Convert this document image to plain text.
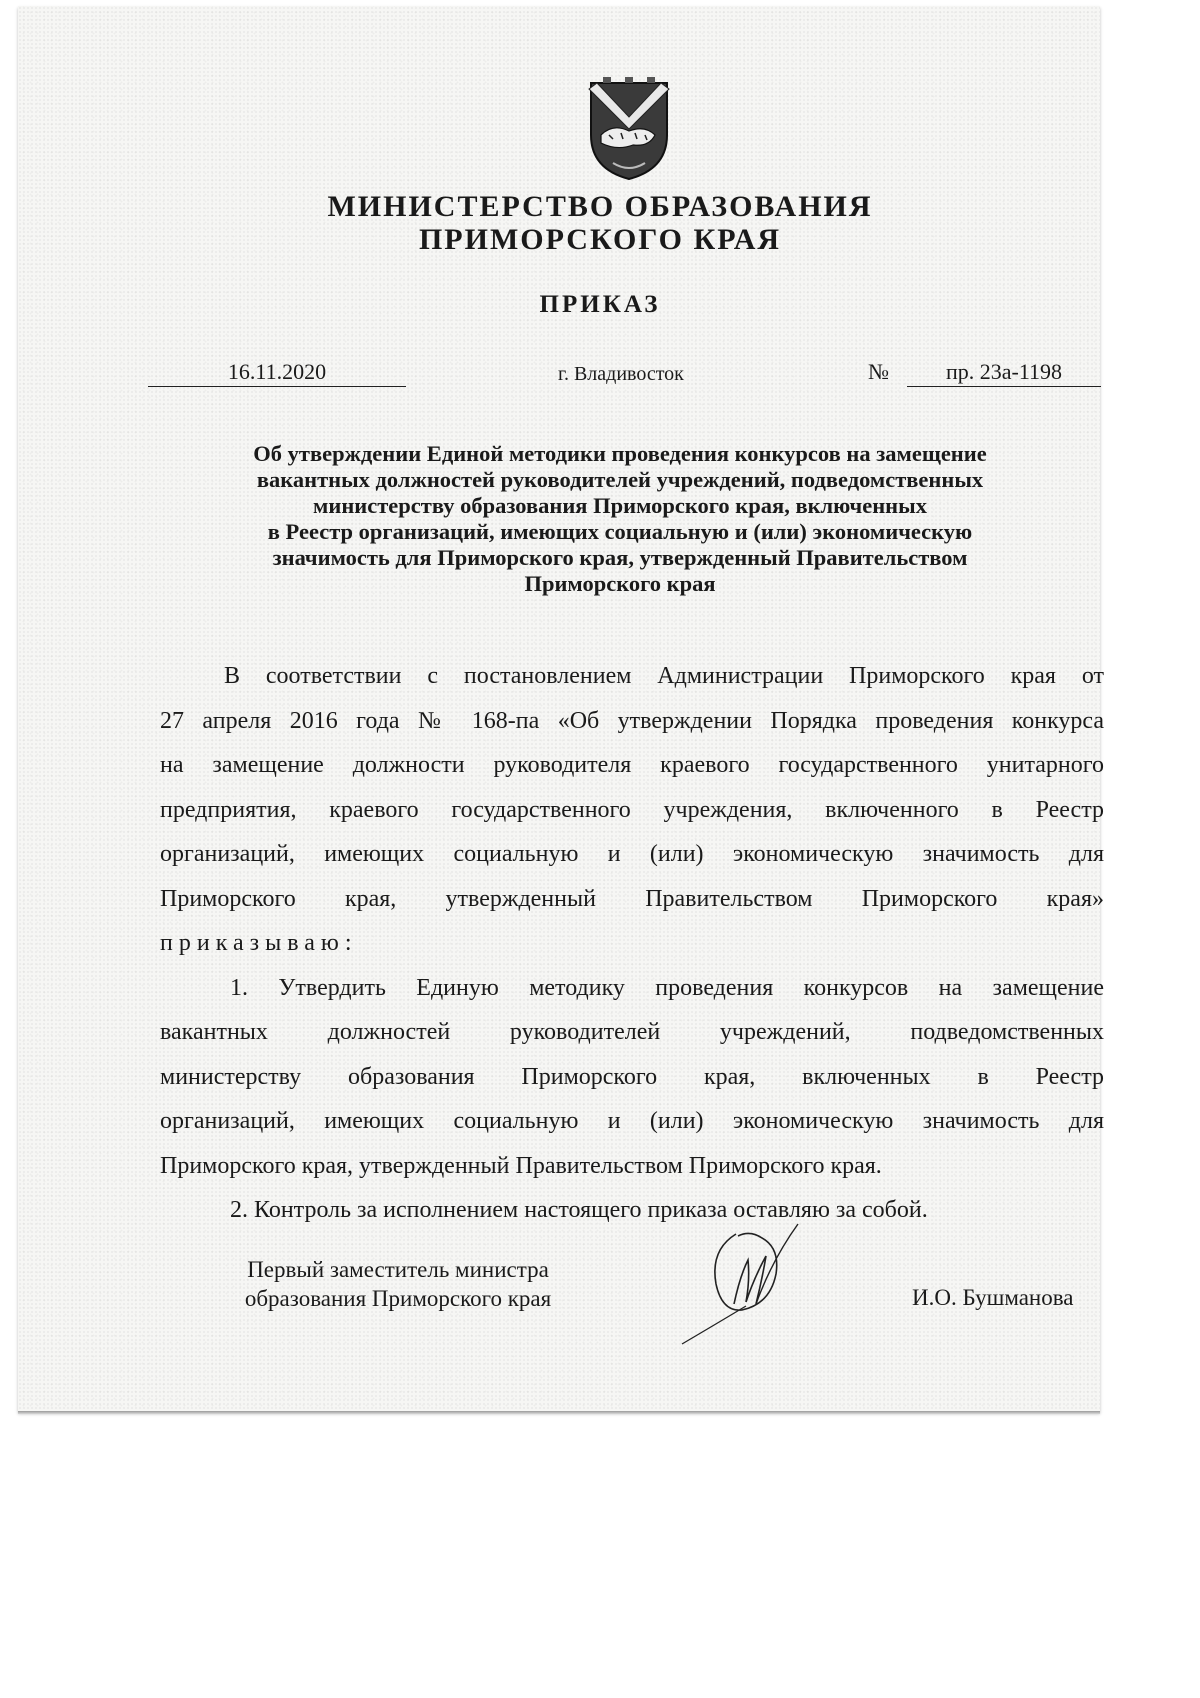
МИНИСТЕРСТВО ОБРАЗОВАНИЯ
ПРИМОРСКОГО КРАЯ
ПРИКАЗ
16.11.2020	г. Владивосток	№	пр. 23а-1198
Об утверждении Единой методики проведения конкурсов на замещение
вакантных должностей руководителей учреждений, подведомственных
министерству образования Приморского края, включенных
в Реестр организаций, имеющих социальную и (или) экономическую
значимость для Приморского края, утвержденный Правительством
Приморского края
В соответствии с постановлением Администрации Приморского края от
27 апреля 2016 года № 168-па «Об утверждении Порядка проведения конкурса
на замещение должности руководителя краевого государственного унитарного
предприятия, краевого государственного учреждения, включенного в Реестр
организаций, имеющих социальную и (или) экономическую значимость для
Приморского края, утвержденный Правительством Приморского края»
приказываю:
1. Утвердить Единую методику проведения конкурсов на замещение
вакантных должностей руководителей учреждений, подведомственных
министерству образования Приморского края, включенных в Реестр
организаций, имеющих социальную и (или) экономическую значимость для
Приморского края, утвержденный Правительством Приморского края.
2. Контроль за исполнением настоящего приказа оставляю за собой.
Первый заместитель министра
образования Приморского края	И.О. Бушманова
